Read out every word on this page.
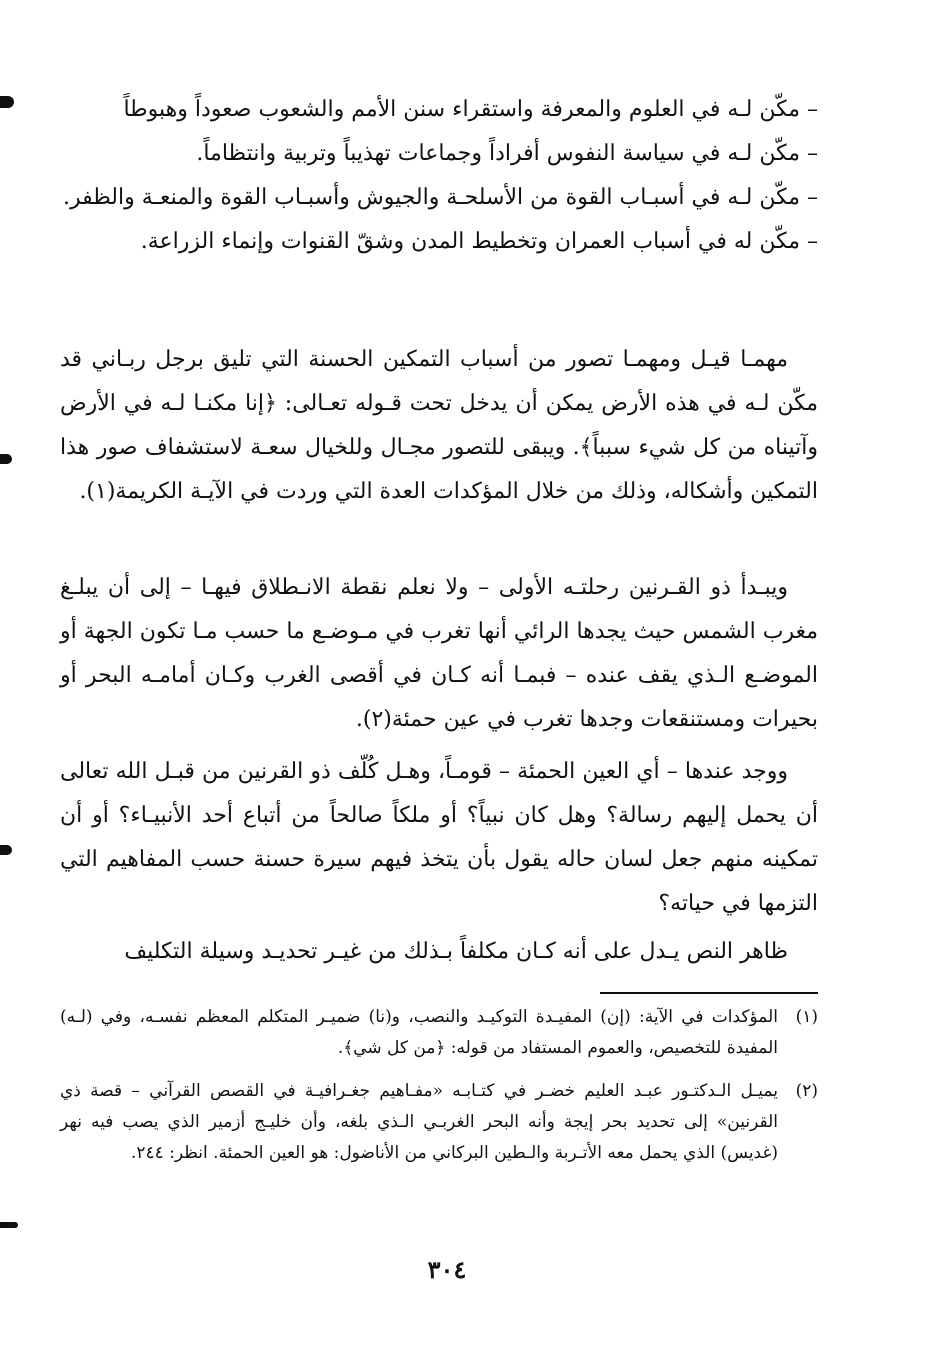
– مكّن لـه في العلوم والمعرفة واستقراء سنن الأمم والشعوب صعوداً وهبوطاً

– مكّن لـه في سياسة النفوس أفراداً وجماعات تهذيباً وتربية وانتظاماً.

– مكّن لـه في أسبـاب القوة من الأسلحـة والجيوش وأسبـاب القوة والمنعـة والظفر.

– مكّن له في أسباب العمران وتخطيط المدن وشقّ القنوات وإنماء الزراعة.

مهمـا قيـل ومهمـا تصور من أسباب التمكين الحسنة التي تليق برجل ربـاني قد مكّن لـه في هذه الأرض يمكن أن يدخل تحت قـوله تعـالى: ﴿إنا مكنـا لـه في الأرض وآتيناه من كل شيء سبباً﴾. ويبقى للتصور مجـال وللخيال سعـة لاستشفاف صور هذا التمكين وأشكاله، وذلك من خلال المؤكدات العدة التي وردت في الآيـة الكريمة(١).

ويبـدأ ذو القـرنين رحلتـه الأولى – ولا نعلم نقطة الانـطلاق فيهـا – إلى أن يبلـغ مغرب الشمس حيث يجدها الرائي أنها تغرب في مـوضـع ما حسب مـا تكون الجهة أو الموضـع الـذي يقف عنده – فبمـا أنه كـان في أقصى الغرب وكـان أمامـه البحر أو بحيرات ومستنقعات وجدها تغرب في عين حمئة(٢).

ووجد عندها – أي العين الحمئة – قومـاً، وهـل كُلّف ذو القرنين من قبـل الله تعالى أن يحمل إليهم رسالة؟ وهل كان نبياً؟ أو ملكاً صالحاً من أتباع أحد الأنبيـاء؟ أو أن تمكينه منهم جعل لسان حاله يقول بأن يتخذ فيهم سيرة حسنة حسب المفاهيم التي التزمها في حياته؟

ظاهر النص يـدل على أنه كـان مكلفاً بـذلك من غيـر تحديـد وسيلة التكليف

(١)
المؤكدات في الآية: (إن) المفيـدة التوكيـد والنصب، و(نا) ضميـر المتكلم المعظم نفسـه، وفي (لـه) المفيدة للتخصيص، والعموم المستفاد من قوله: ﴿من كل شي﴾.
(٢)
يميـل الـدكتـور عبـد العليم خضـر في كتـابـه «مفـاهيم جغـرافيـة في القصص القرآني – قصة ذي القرنين» إلى تحديد بحر إيجة وأنه البحر الغربـي الـذي بلغه، وأن خليـج أزمير الذي يصب فيه نهر (غديس) الذي يحمل معه الأتـربة والـطين البركاني من الأناضول: هو العين الحمئة. انظر: ٢٤٤.
٣٠٤
